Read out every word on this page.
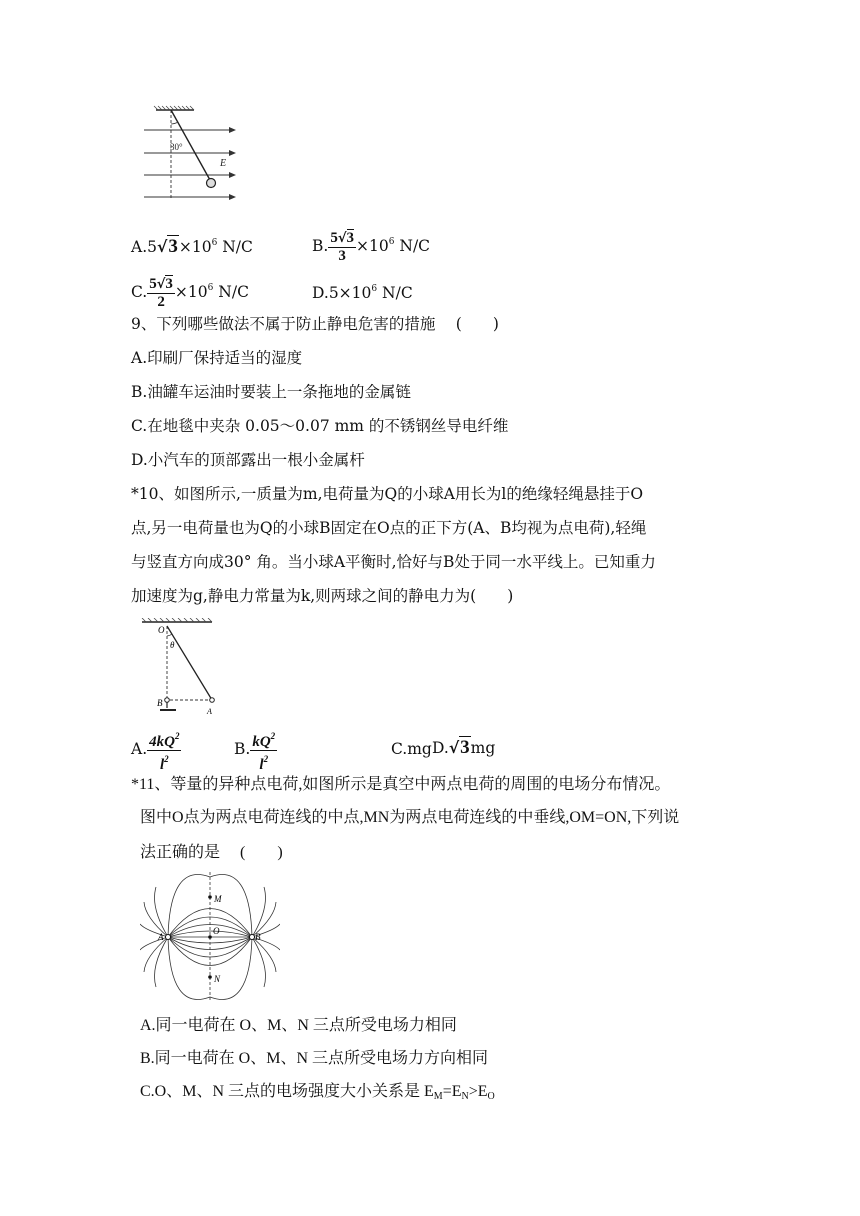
30°
E
$A.5√3\times 10^6$ N/C	B. $\frac{5√3}{3} \times 10^6$ N/C
C. $\frac{5√3}{2} \times 10^6$ N/C	$D.5\times 10^6$ N/C
9、下列哪些做法不属于防止静电危害的措施  (  )
A.印刷厂保持适当的湿度
B.油罐车运油时要装上一条拖地的金属链
C.在地毯中夹杂 0.05～0.07 mm 的不锈钢丝导电纤维
D.小汽车的顶部露出一根小金属杆
*10、如图所示,一质量为m,电荷量为Q的小球A用长为l的绝缘轻绳悬挂于O
点,另一电荷量也为Q的小球B固定在O点的正下方(A、B均视为点电荷),轻绳
与竖直方向成30° 角。当小球A平衡时,恰好与B处于同一水平线上。已知重力
加速度为g,静电力常量为k,则两球之间的静电力为(  )
O
θ
B
A
A. $\frac{4kQ^2}{l^2}$	B. $\frac{kQ^2}{l^2}$	C.mg D.√3mg
*11、等量的异种点电荷,如图所示是真空中两点电荷的周围的电场分布情况。
图中O点为两点电荷连线的中点,MN为两点电荷连线的中垂线,OM=ON,下列说
法正确的是  (  )
M
O
N
A	B
A.同一电荷在 O、M、N 三点所受电场力相同
B.同一电荷在 O、M、N 三点所受电场力方向相同
C.O、M、N 三点的电场强度大小关系是 $E_M=E_N>E_O$
